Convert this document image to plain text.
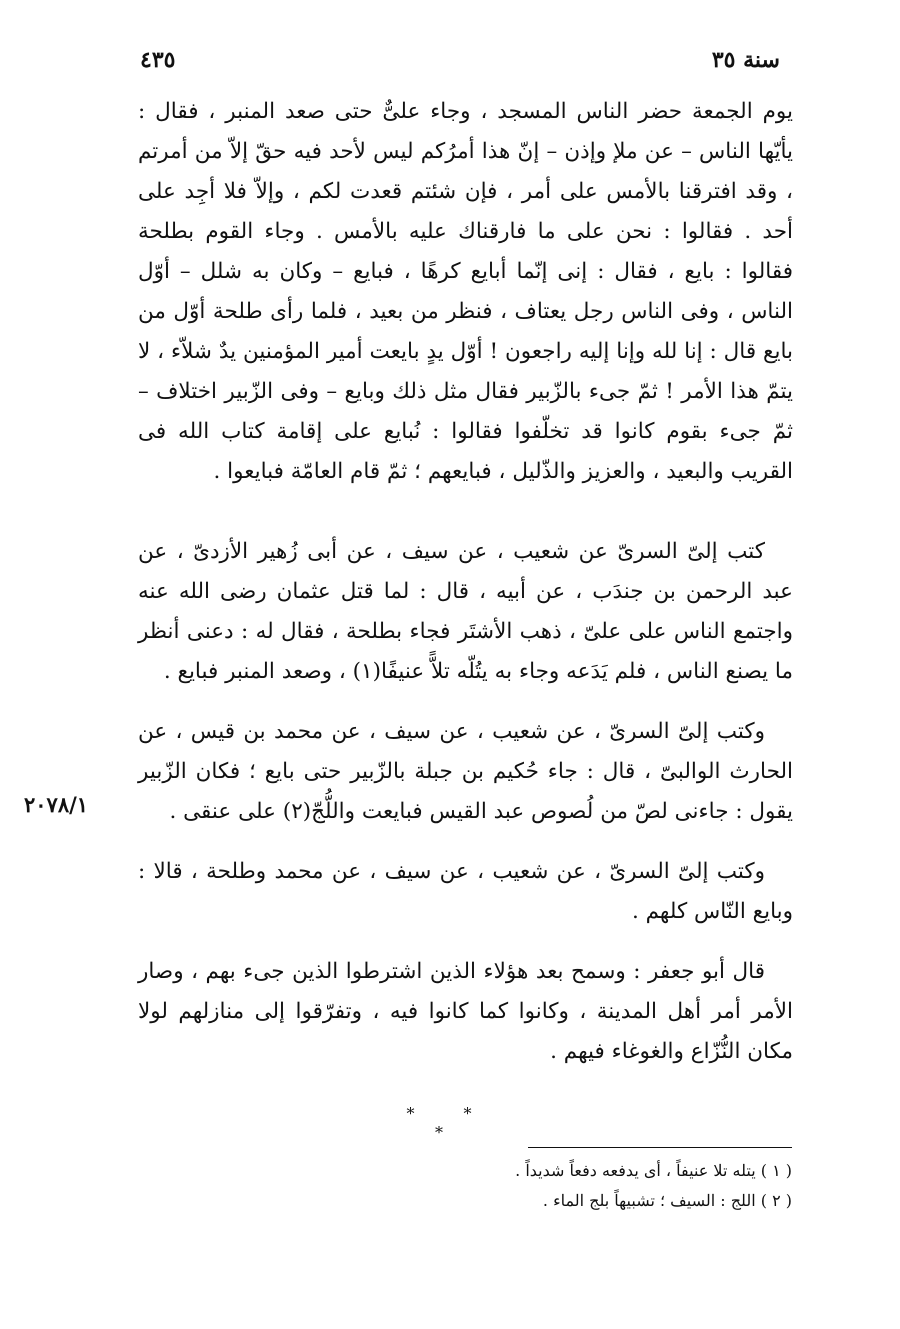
٤٣٥	سنة ٣٥

يوم الجمعة حضر الناس المسجد ، وجاء علىٌّ حتى صعد المنبر ، فقال : يأيّها الناس – عن ملإ وإذن – إنّ هذا أمرُكم ليس لأحد فيه حقّ إلاّ من أمرتم ، وقد افترقنا بالأمس على أمر ، فإن شئتم قعدت لكم ، وإلاّ فلا أجِد على أحد . فقالوا : نحن على ما فارقناك عليه بالأمس . وجاء القوم بطلحة فقالوا : بايع ، فقال : إنى إنّما أبايع كرهًا ، فبايع – وكان به شلل – أوّل الناس ، وفى الناس رجل يعتاف ، فنظر من بعيد ، فلما رأى طلحة أوّل من بايع قال : إنا لله وإنا إليه راجعون ! أوّل يدٍ بايعت أمير المؤمنين يدٌ شلاّء ، لا يتمّ هذا الأمر ! ثمّ جىء بالزّبير فقال مثل ذلك وبايع – وفى الزّبير اختلاف – ثمّ جىء بقوم كانوا قد تخلّفوا فقالوا : نُبايع على إقامة كتاب الله فى القريب والبعيد ، والعزيز والذّليل ، فبايعهم ؛ ثمّ قام العامّة فبايعوا .

كتب إلىّ السرىّ عن شعيب ، عن سيف ، عن أبى زُهير الأزدىّ ، عن عبد الرحمن بن جندَب ، عن أبيه ، قال : لما قتل عثمان رضى الله عنه واجتمع الناس على علىّ ، ذهب الأشتَر فجاء بطلحة ، فقال له : دعنى أنظر ما يصنع الناس ، فلم يَدَعه وجاء به يتُلّه تلاًّ عنيفًا(١) ، وصعد المنبر فبايع .

وكتب إلىّ السرىّ ، عن شعيب ، عن سيف ، عن محمد بن قيس ، عن الحارث الوالبىّ ، قال : جاء حُكيم بن جبلة بالزّبير حتى بايع ؛ فكان الزّبير يقول : جاءنى لصّ من لُصوص عبد القيس فبايعت واللُّجّ(٢) على عنقى .

وكتب إلىّ السرىّ ، عن شعيب ، عن سيف ، عن محمد وطلحة ، قالا : وبايع النّاس كلهم .

قال أبو جعفر : وسمح بعد هؤلاء الذين اشترطوا الذين جىء بهم ، وصار الأمر أمر أهل المدينة ، وكانوا كما كانوا فيه ، وتفرّقوا إلى منازلهم لولا مكان النُّزّاع والغوغاء فيهم .

٢٠٧٨/١
* * *

( ١ ) يتله تلا عنيفاً ، أى يدفعه دفعاً شديداً .

( ٢ ) اللج : السيف ؛ تشبيهاً بلج الماء .
